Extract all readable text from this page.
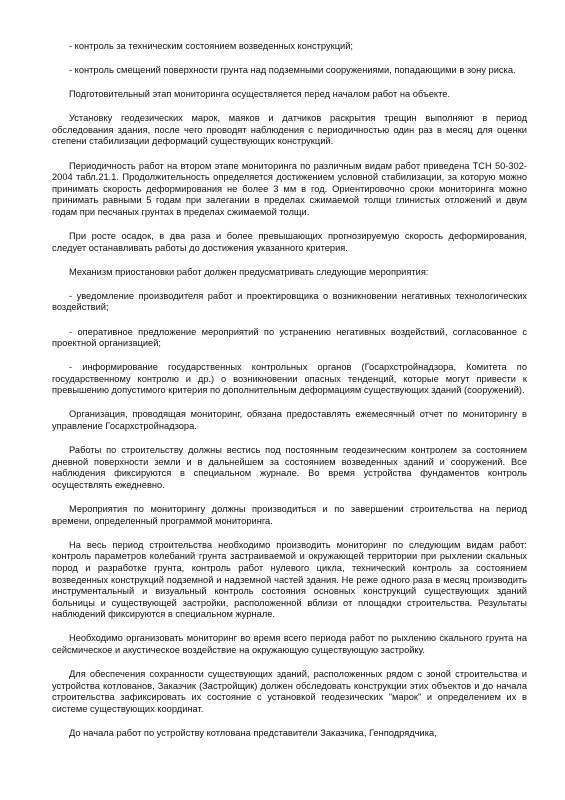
- контроль за техническим состоянием возведенных конструкций;

- контроль смещений поверхности грунта над подземными сооружениями, попадающими в зону риска.

Подготовительный этап мониторинга осуществляется перед началом работ на объекте.

Установку геодезических марок, маяков и датчиков раскрытия трещин выполняют в период обследования здания, после чего проводят наблюдения с периодичностью один раз в месяц для оценки степени стабилизации деформаций существующих конструкций.

Периодичность работ на втором этапе мониторинга по различным видам работ приведена ТСН 50-302-2004 табл.21.1. Продолжительность определяется достижением условной стабилизации, за которую можно принимать скорость деформирования не более 3 мм в год. Ориентировочно сроки мониторинга можно принимать равными 5 годам при залегании в пределах сжимаемой толщи глинистых отложений и двум годам при песчаных грунтах в пределах сжимаемой толщи.

При росте осадок, в два раза и более превышающих прогнозируемую скорость деформирования, следует останавливать работы до достижения указанного критерия.

Механизм приостановки работ должен предусматривать следующие мероприятия:

- уведомление производителя работ и проектировщика о возникновении негативных технологических воздействий;

- оперативное предложение мероприятий по устранению негативных воздействий, согласованное с проектной организацией;

- информирование государственных контрольных органов (Госархстройнадзора, Комитета по государственному контролю и др.) о возникновении опасных тенденций, которые могут привести к превышению допустимого критерия по дополнительным деформациям существующих зданий (сооружений).

Организация, проводящая мониторинг, обязана предоставлять ежемесячный отчет по мониторингу в управление Госархстройнадзора.

Работы по строительству должны вестись под постоянным геодезическим контролем за состоянием дневной поверхности земли и в дальнейшем за состоянием возведенных зданий и сооружений. Все наблюдения фиксируются в специальном журнале. Во время устройства фундаментов контроль осуществлять ежедневно.

Мероприятия по мониторингу должны производиться и по завершении строительства на период времени, определенный программой мониторинга.

На весь период строительства необходимо производить мониторинг по следующим видам работ: контроль параметров колебаний грунта застраиваемой и окружающей территории при рыхлении скальных пород и разработке грунта, контроль работ нулевого цикла, технический контроль за состоянием возведенных конструкций подземной и надземной частей здания. Не реже одного раза в месяц производить инструментальный и визуальный контроль состояния основных конструкций существующих зданий больницы и существующей застройки, расположенной вблизи от площадки строительства. Результаты наблюдений фиксируются в специальном журнале.

Необходимо организовать мониторинг во время всего периода работ по рыхлению скального грунта на сейсмическое и акустическое воздействие на окружающую существующую застройку.

Для обеспечения сохранности существующих зданий, расположенных рядом с зоной строительства и устройства котлованов, Заказчик (Застройщик) должен обследовать конструкции этих объектов и до начала строительства зафиксировать их состояние с установкой геодезических "марок" и определением их в системе существующих координат.

До начала работ по устройству котлована представители Заказчика, Генподрядчика,
